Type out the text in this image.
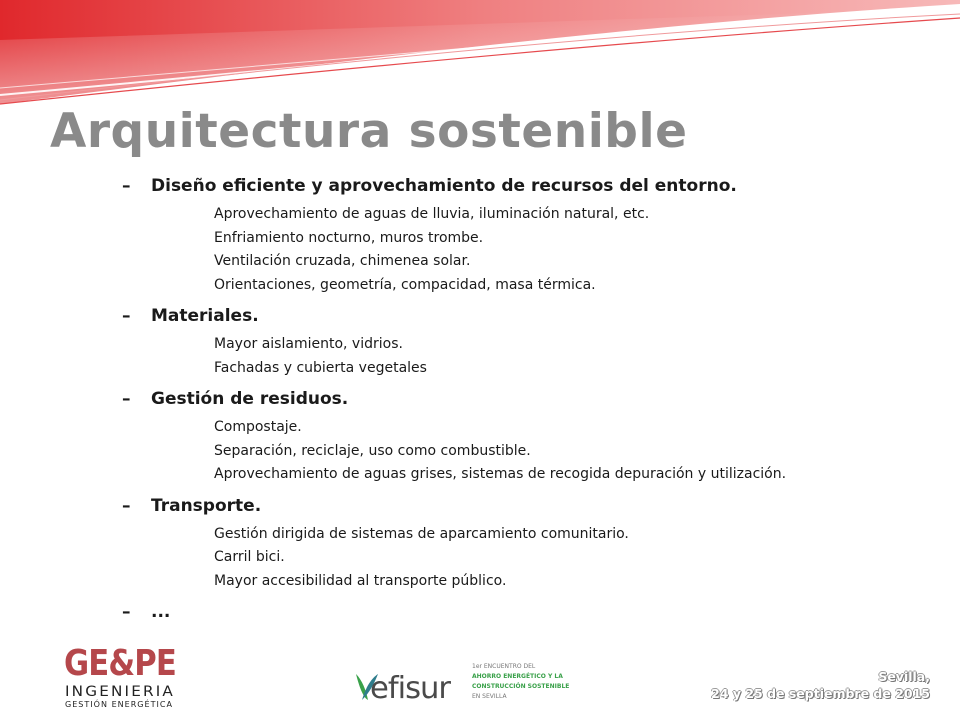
Arquitectura sostenible
–	Diseño eficiente y aprovechamiento de recursos del entorno.
Aprovechamiento de aguas de lluvia, iluminación natural, etc.
Enfriamiento nocturno, muros trombe.
Ventilación cruzada, chimenea solar.
Orientaciones, geometría, compacidad, masa térmica.
–	Materiales.
Mayor aislamiento, vidrios.
Fachadas y cubierta vegetales
–	Gestión de residuos.
Compostaje.
Separación, reciclaje, uso como combustible.
Aprovechamiento de aguas grises, sistemas de recogida depuración y utilización.
–	Transporte.
Gestión dirigida de sistemas de aparcamiento comunitario.
Carril bici.
Mayor accesibilidad al transporte público.
–	...
GE&PE
INGENIERIA
GESTIÓN ENERGÉTICA	efisur
1er ENCUENTRO DEL
AHORRO ENERGÉTICO Y LA
CONSTRUCCIÓN SOSTENIBLE
EN SEVILLA
Sevilla,
24 y 25 de septiembre de 2015
